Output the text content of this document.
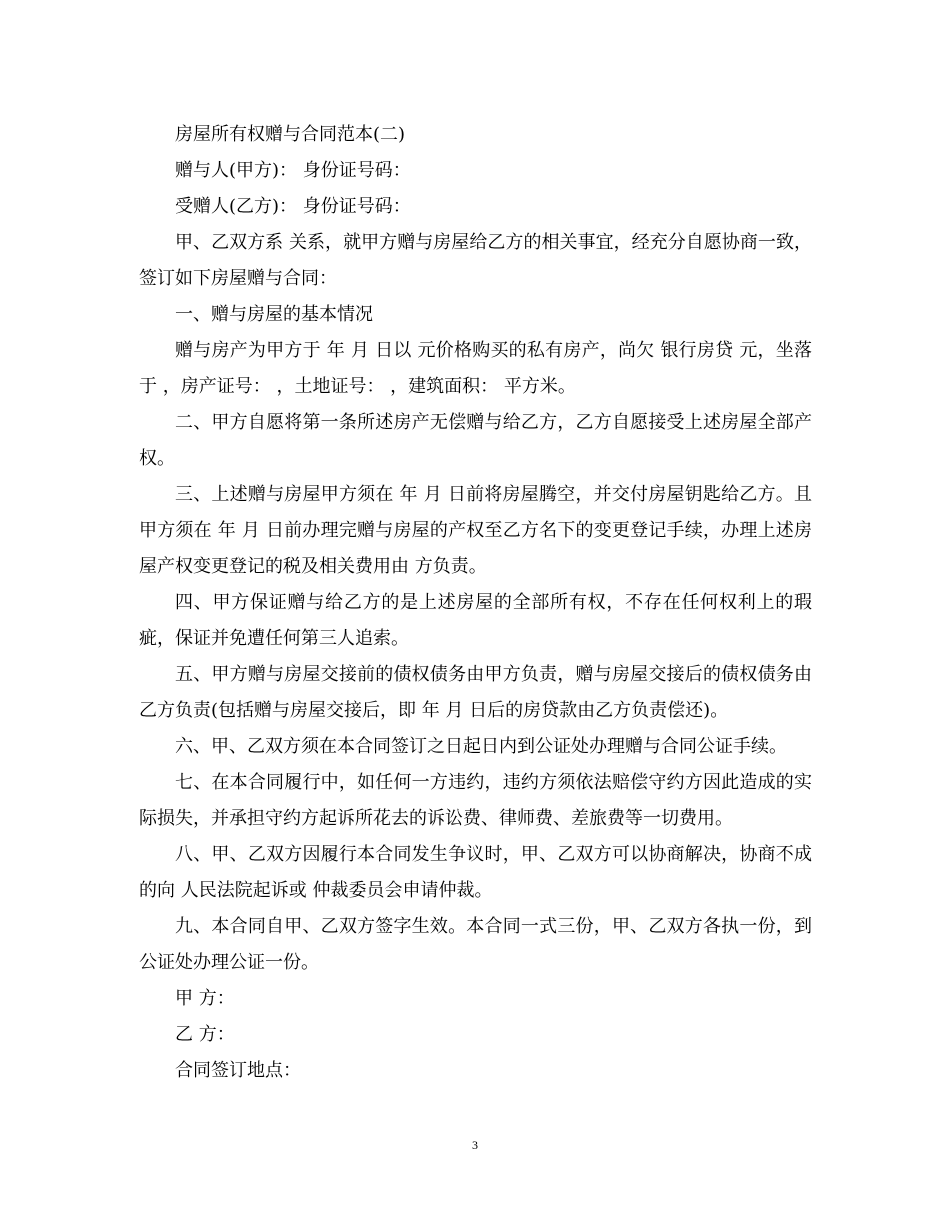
房屋所有权赠与合同范本(二)

赠与人(甲方)： 身份证号码：

受赠人(乙方)： 身份证号码：

甲、乙双方系 关系，就甲方赠与房屋给乙方的相关事宜，经充分自愿协商一致，签订如下房屋赠与合同：

一、赠与房屋的基本情况

赠与房产为甲方于 年 月 日以 元价格购买的私有房产，尚欠 银行房贷 元，坐落于 ，房产证号： ，土地证号： ，建筑面积： 平方米。

二、甲方自愿将第一条所述房产无偿赠与给乙方，乙方自愿接受上述房屋全部产权。

三、上述赠与房屋甲方须在 年 月 日前将房屋腾空，并交付房屋钥匙给乙方。且甲方须在 年 月 日前办理完赠与房屋的产权至乙方名下的变更登记手续，办理上述房屋产权变更登记的税及相关费用由 方负责。

四、甲方保证赠与给乙方的是上述房屋的全部所有权，不存在任何权利上的瑕疵，保证并免遭任何第三人追索。

五、甲方赠与房屋交接前的债权债务由甲方负责，赠与房屋交接后的债权债务由乙方负责(包括赠与房屋交接后，即 年 月 日后的房贷款由乙方负责偿还)。

六、甲、乙双方须在本合同签订之日起日内到公证处办理赠与合同公证手续。

七、在本合同履行中，如任何一方违约，违约方须依法赔偿守约方因此造成的实际损失，并承担守约方起诉所花去的诉讼费、律师费、差旅费等一切费用。

八、甲、乙双方因履行本合同发生争议时，甲、乙双方可以协商解决，协商不成的向 人民法院起诉或 仲裁委员会申请仲裁。

九、本合同自甲、乙双方签字生效。本合同一式三份，甲、乙双方各执一份，到公证处办理公证一份。

甲 方：

乙 方：

合同签订地点：

3
